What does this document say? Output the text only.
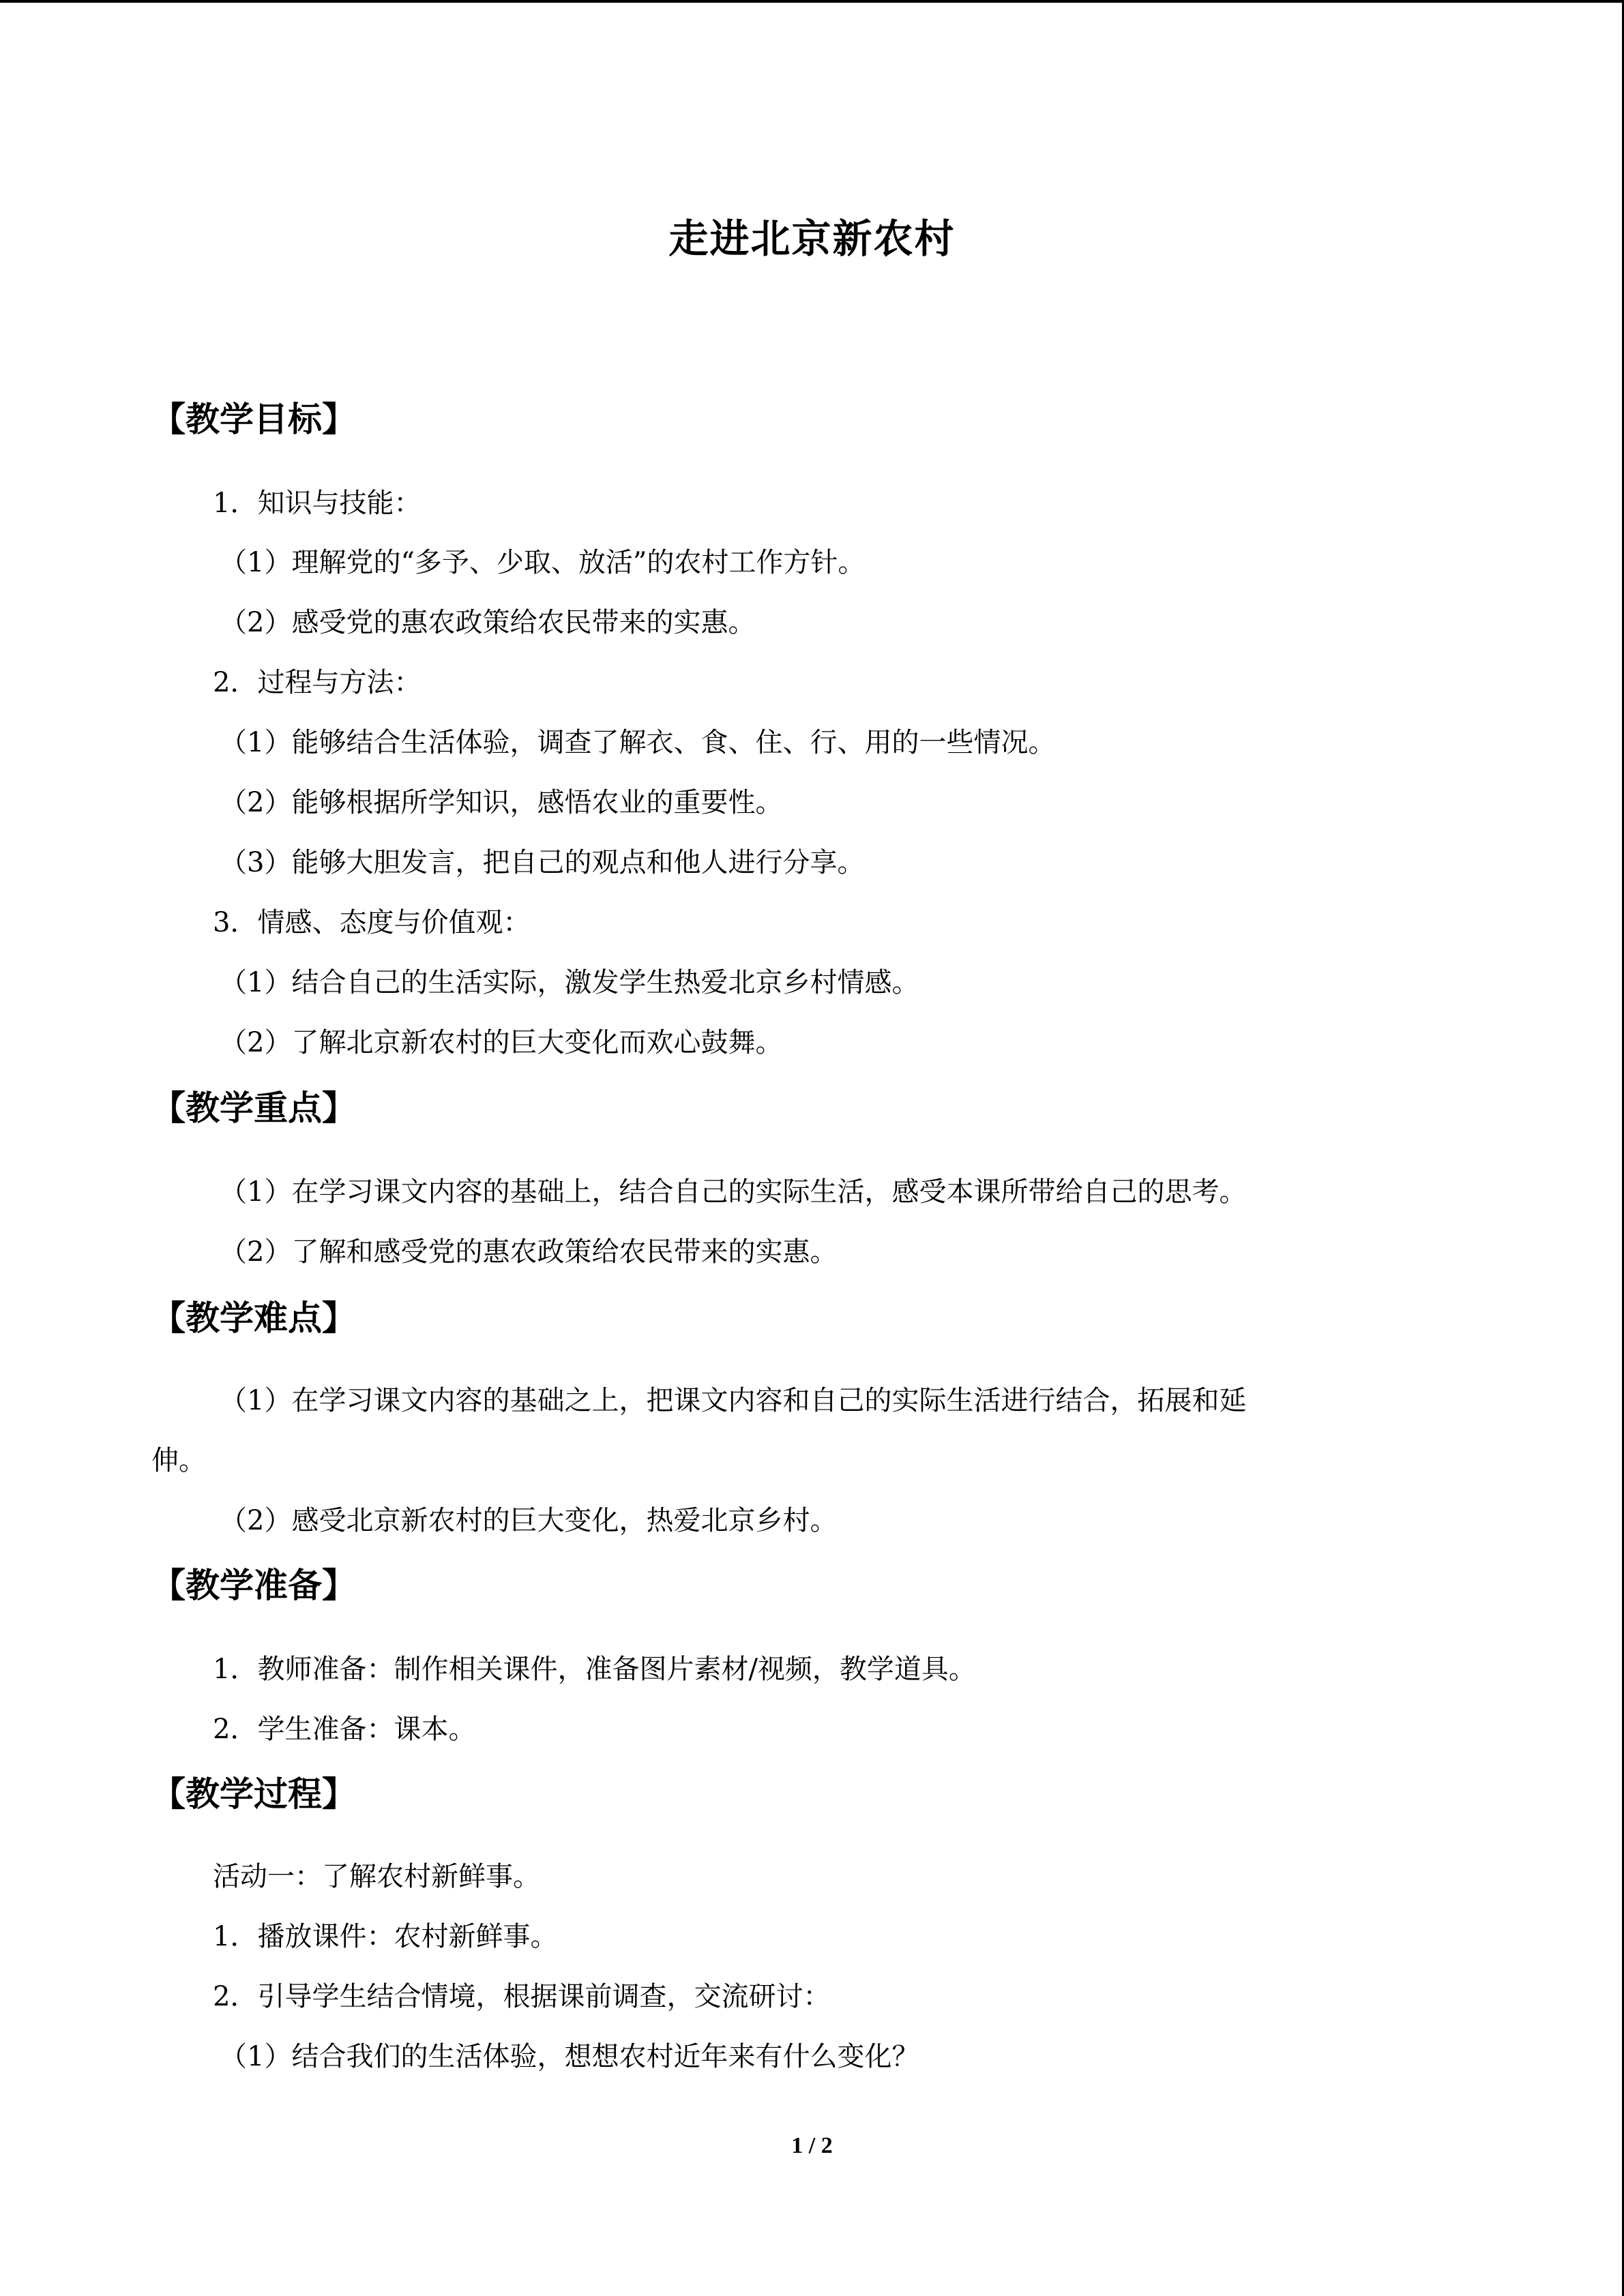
走进北京新农村
【教学目标】
1．知识与技能：
（1）理解党的“多予、少取、放活”的农村工作方针。
（2）感受党的惠农政策给农民带来的实惠。
2．过程与方法：
（1）能够结合生活体验，调查了解衣、食、住、行、用的一些情况。
（2）能够根据所学知识，感悟农业的重要性。
（3）能够大胆发言，把自己的观点和他人进行分享。
3．情感、态度与价值观：
（1）结合自己的生活实际，激发学生热爱北京乡村情感。
（2）了解北京新农村的巨大变化而欢心鼓舞。
【教学重点】
（1）在学习课文内容的基础上，结合自己的实际生活，感受本课所带给自己的思考。
（2）了解和感受党的惠农政策给农民带来的实惠。
【教学难点】
（1）在学习课文内容的基础之上，把课文内容和自己的实际生活进行结合，拓展和延
伸。
（2）感受北京新农村的巨大变化，热爱北京乡村。
【教学准备】
1．教师准备：制作相关课件，准备图片素材/视频，教学道具。
2．学生准备：课本。
【教学过程】
活动一：了解农村新鲜事。
1．播放课件：农村新鲜事。
2．引导学生结合情境，根据课前调查，交流研讨：
（1）结合我们的生活体验，想想农村近年来有什么变化？
1 / 2
